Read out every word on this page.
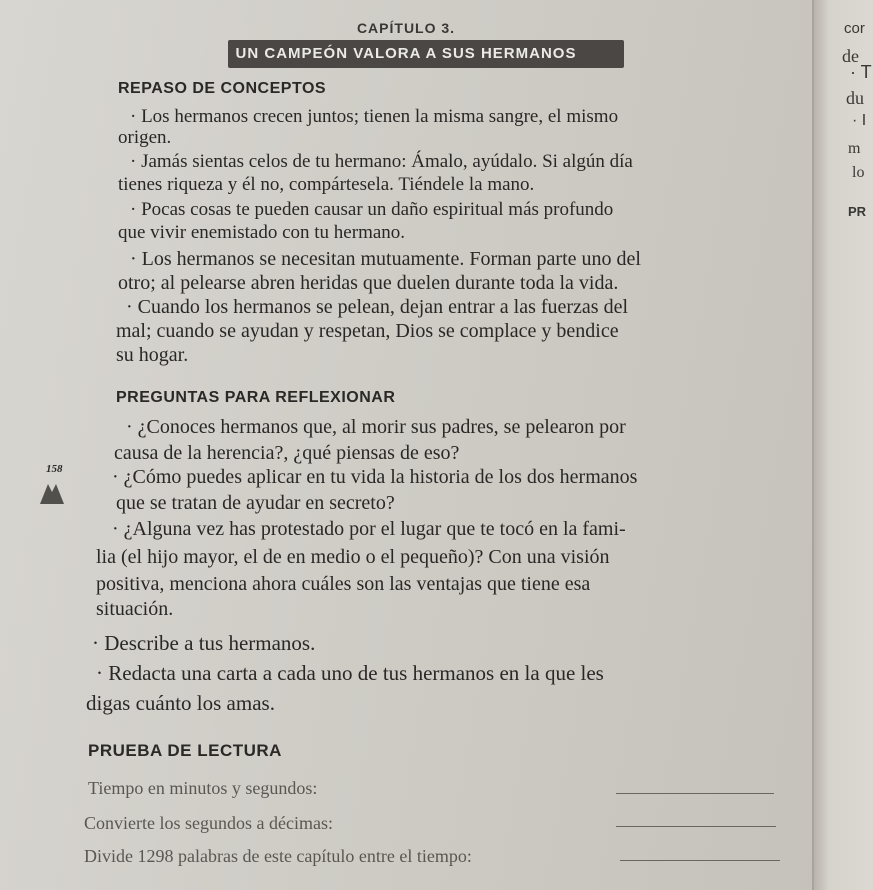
CAPÍTULO 3.
UN CAMPEÓN VALORA A SUS HERMANOS
REPASO DE CONCEPTOS
· Los hermanos crecen juntos; tienen la misma sangre, el mismo
origen.
· Jamás sientas celos de tu hermano: Ámalo, ayúdalo. Si algún día
tienes riqueza y él no, compártesela. Tiéndele la mano.
· Pocas cosas te pueden causar un daño espiritual más profundo
que vivir enemistado con tu hermano.
· Los hermanos se necesitan mutuamente. Forman parte uno del
otro; al pelearse abren heridas que duelen durante toda la vida.
· Cuando los hermanos se pelean, dejan entrar a las fuerzas del
mal; cuando se ayudan y respetan, Dios se complace y bendice
su hogar.
PREGUNTAS PARA REFLEXIONAR
· ¿Conoces hermanos que, al morir sus padres, se pelearon por
causa de la herencia?, ¿qué piensas de eso?
· ¿Cómo puedes aplicar en tu vida la historia de los dos hermanos
que se tratan de ayudar en secreto?
· ¿Alguna vez has protestado por el lugar que te tocó en la fami-
lia (el hijo mayor, el de en medio o el pequeño)? Con una visión
positiva, menciona ahora cuáles son las ventajas que tiene esa
situación.
· Describe a tus hermanos.
· Redacta una carta a cada uno de tus hermanos en la que les
digas cuánto los amas.
158
PRUEBA DE LECTURA
Tiempo en minutos y segundos:
Convierte los segundos a décimas:
Divide 1298 palabras de este capítulo entre el tiempo:
cor
de
· T
du
· I
m
lo
PR
